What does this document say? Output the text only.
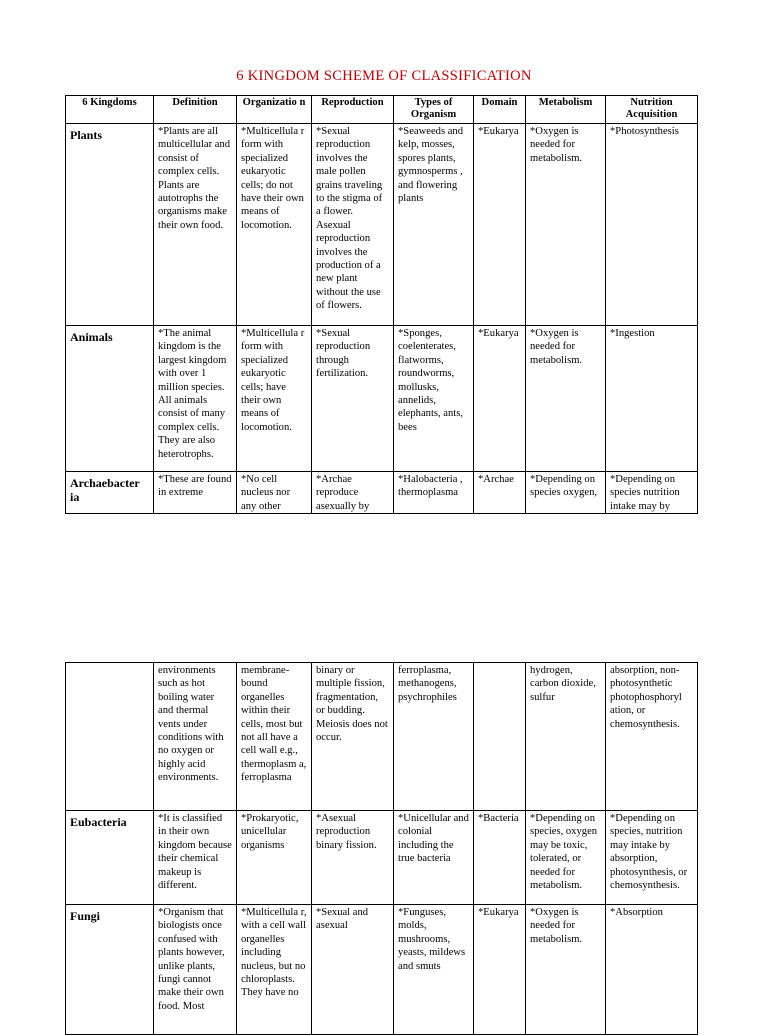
6 KINGDOM SCHEME OF CLASSIFICATION
6 Kingdoms	Definition	Organizatio n	Reproduction	Types of Organism	Domain	Metabolism	Nutrition Acquisition
Plants	*Plants are all multicellular and consist of complex cells. Plants are autotrophs the organisms make their own food.	*Multicellula r form with specialized eukaryotic cells; do not have their own means of locomotion.	*Sexual reproduction involves the male pollen grains traveling to the stigma of a flower. Asexual reproduction involves the production of a new plant without the use of flowers.	*Seaweeds and kelp, mosses, spores plants, gymnosperms , and flowering plants	*Eukarya	*Oxygen is needed for metabolism.	*Photosynthesis
Animals	*The animal kingdom is the largest kingdom with over 1 million species. All animals consist of many complex cells. They are also heterotrophs.	*Multicellula r form with specialized eukaryotic cells; have their own means of locomotion.	*Sexual reproduction through fertilization.	*Sponges, coelenterates, flatworms, roundworms, mollusks, annelids, elephants, ants, bees	*Eukarya	*Oxygen is needed for metabolism.	*Ingestion
Archaebacter ia	*These are found in extreme	*No cell nucleus nor any other	*Archae reproduce asexually by	*Halobacteria , thermoplasma	*Archae	*Depending on species oxygen,	*Depending on species nutrition intake may by
	environments such as hot boiling water and thermal vents under conditions with no oxygen or highly acid environments.	membrane-bound organelles within their cells, most but not all have a cell wall e.g., thermoplasm a, ferroplasma	binary or multiple fission, fragmentation, or budding. Meiosis does not occur.	ferroplasma, methanogens, psychrophiles		hydrogen, carbon dioxide, sulfur	absorption, non-photosynthetic photophosphoryl ation, or chemosynthesis.
Eubacteria	*It is classified in their own kingdom because their chemical makeup is different.	*Prokaryotic, unicellular organisms	*Asexual reproduction binary fission.	*Unicellular and colonial including the true bacteria	*Bacteria	*Depending on species, oxygen may be toxic, tolerated, or needed for metabolism.	*Depending on species, nutrition may intake by absorption, photosynthesis, or chemosynthesis.
Fungi	*Organism that biologists once confused with plants however, unlike plants, fungi cannot make their own food. Most	*Multicellula r, with a cell wall organelles including nucleus, but no chloroplasts. They have no	*Sexual and asexual	*Funguses, molds, mushrooms, yeasts, mildews and smuts	*Eukarya	*Oxygen is needed for metabolism.	*Absorption
